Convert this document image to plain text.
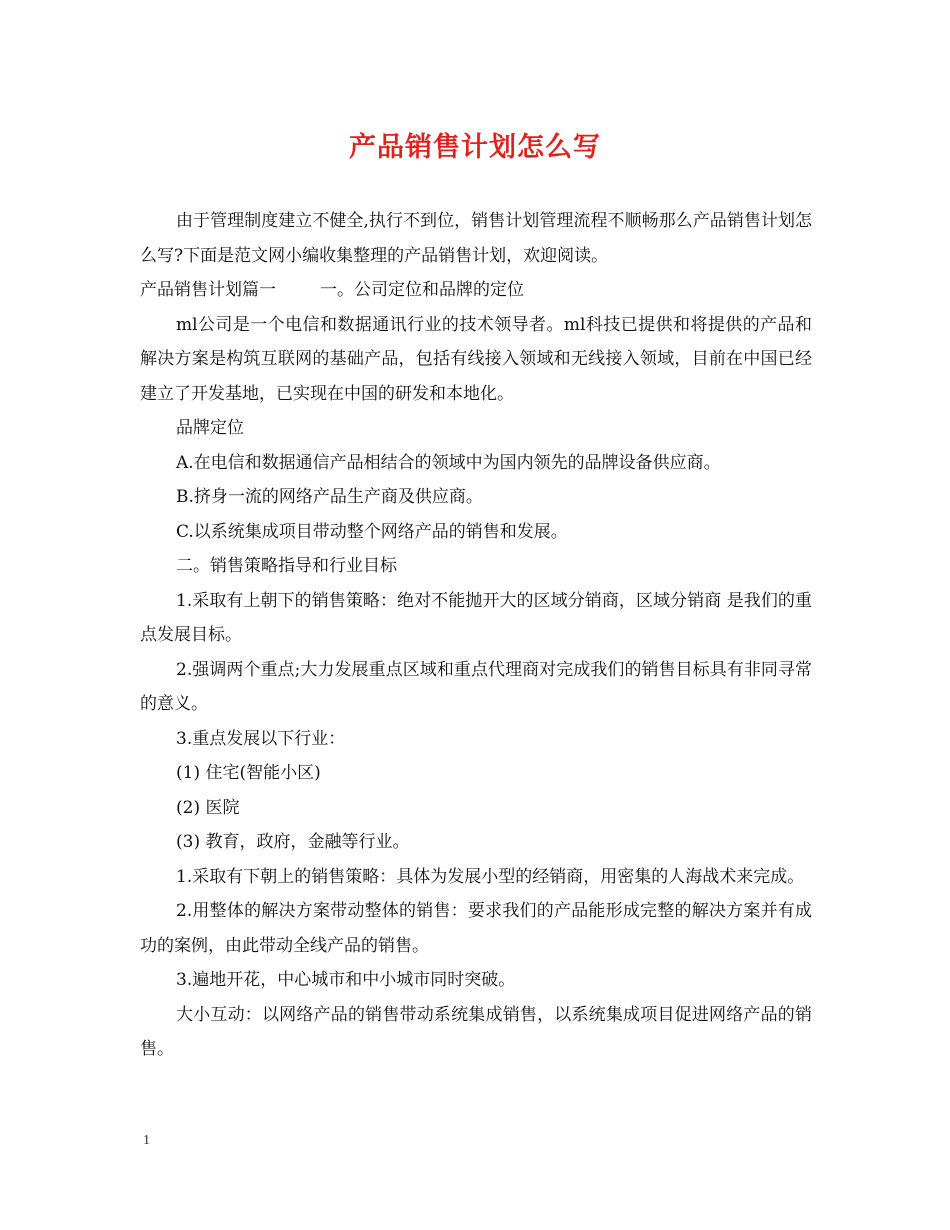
产品销售计划怎么写

由于管理制度建立不健全,执行不到位，销售计划管理流程不顺畅那么产品销售计划怎么写?下面是范文网小编收集整理的产品销售计划，欢迎阅读。

产品销售计划篇一	一。公司定位和品牌的定位

ml公司是一个电信和数据通讯行业的技术领导者。ml科技已提供和将提供的产品和解决方案是构筑互联网的基础产品，包括有线接入领域和无线接入领域，目前在中国已经建立了开发基地，已实现在中国的研发和本地化。

品牌定位

A.在电信和数据通信产品相结合的领域中为国内领先的品牌设备供应商。

B.挤身一流的网络产品生产商及供应商。

C.以系统集成项目带动整个网络产品的销售和发展。

二。销售策略指导和行业目标

1.采取有上朝下的销售策略：绝对不能抛开大的区域分销商，区域分销商 是我们的重点发展目标。

2.强调两个重点;大力发展重点区域和重点代理商对完成我们的销售目标具有非同寻常的意义。

3.重点发展以下行业：

(1) 住宅(智能小区)

(2) 医院

(3) 教育，政府，金融等行业。

1.采取有下朝上的销售策略：具体为发展小型的经销商，用密集的人海战术来完成。

2.用整体的解决方案带动整体的销售：要求我们的产品能形成完整的解决方案并有成功的案例，由此带动全线产品的销售。

3.遍地开花，中心城市和中小城市同时突破。

大小互动：以网络产品的销售带动系统集成销售，以系统集成项目促进网络产品的销售。

1
